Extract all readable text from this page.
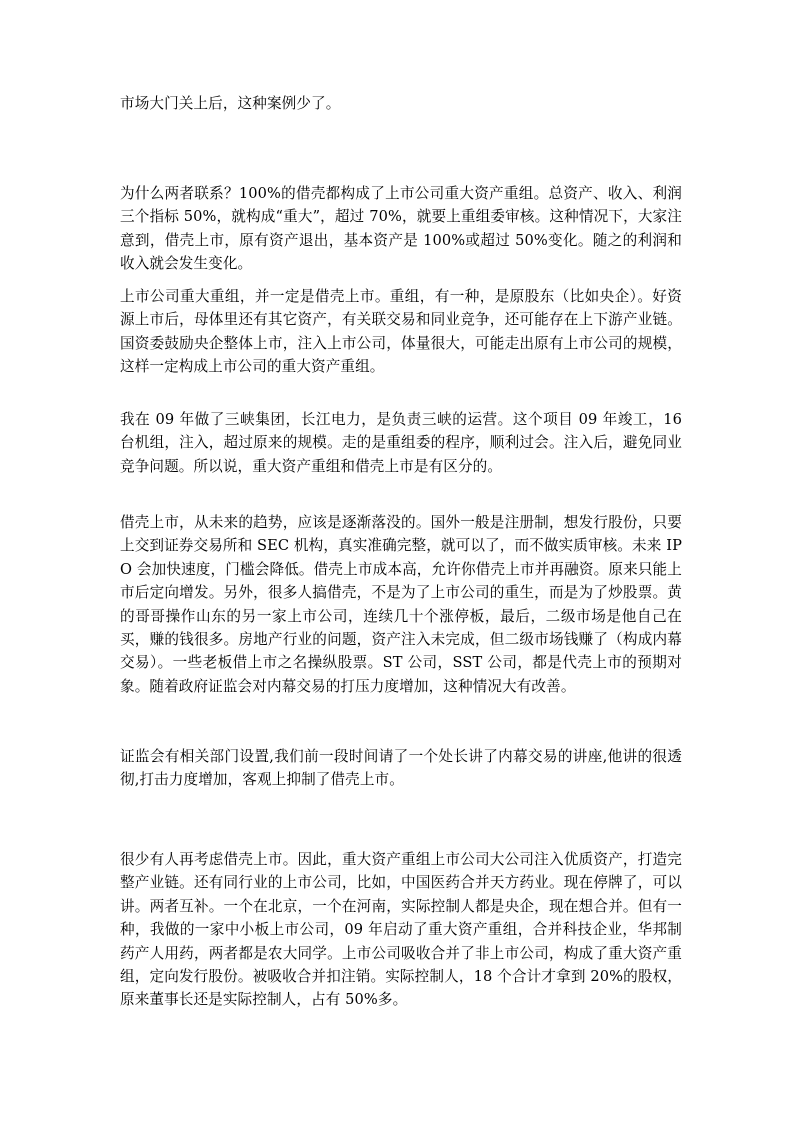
市场大门关上后，这种案例少了。

为什么两者联系？100%的借壳都构成了上市公司重大资产重组。总资产、收入、利润三个指标 50%，就构成“重大”，超过 70%，就要上重组委审核。这种情况下，大家注意到，借壳上市，原有资产退出，基本资产是 100%或超过 50%变化。随之的利润和收入就会发生变化。

上市公司重大重组，并一定是借壳上市。重组，有一种，是原股东（比如央企）。好资源上市后，母体里还有其它资产，有关联交易和同业竞争，还可能存在上下游产业链。国资委鼓励央企整体上市，注入上市公司，体量很大，可能走出原有上市公司的规模，这样一定构成上市公司的重大资产重组。

我在 09 年做了三峡集团，长江电力，是负责三峡的运营。这个项目 09 年竣工，16 台机组，注入，超过原来的规模。走的是重组委的程序，顺利过会。注入后，避免同业竞争问题。所以说，重大资产重组和借壳上市是有区分的。

借壳上市，从未来的趋势，应该是逐渐落没的。国外一般是注册制，想发行股份，只要上交到证券交易所和 SEC 机构，真实准确完整，就可以了，而不做实质审核。未来 IPO 会加快速度，门槛会降低。借壳上市成本高，允许你借壳上市并再融资。原来只能上市后定向增发。另外，很多人搞借壳，不是为了上市公司的重生，而是为了炒股票。黄的哥哥操作山东的另一家上市公司，连续几十个涨停板，最后，二级市场是他自己在买，赚的钱很多。房地产行业的问题，资产注入未完成，但二级市场钱赚了（构成内幕交易）。一些老板借上市之名操纵股票。ST 公司，SST 公司，都是代壳上市的预期对象。随着政府证监会对内幕交易的打压力度增加，这种情况大有改善。

证监会有相关部门设置,我们前一段时间请了一个处长讲了内幕交易的讲座,他讲的很透彻,打击力度增加，客观上抑制了借壳上市。

很少有人再考虑借壳上市。因此，重大资产重组上市公司大公司注入优质资产，打造完整产业链。还有同行业的上市公司，比如，中国医药合并天方药业。现在停牌了，可以讲。两者互补。一个在北京，一个在河南，实际控制人都是央企，现在想合并。但有一种，我做的一家中小板上市公司，09 年启动了重大资产重组，合并科技企业，华邦制药产人用药，两者都是农大同学。上市公司吸收合并了非上市公司，构成了重大资产重组，定向发行股份。被吸收合并扣注销。实际控制人，18 个合计才拿到 20%的股权，原来董事长还是实际控制人，占有 50%多。
